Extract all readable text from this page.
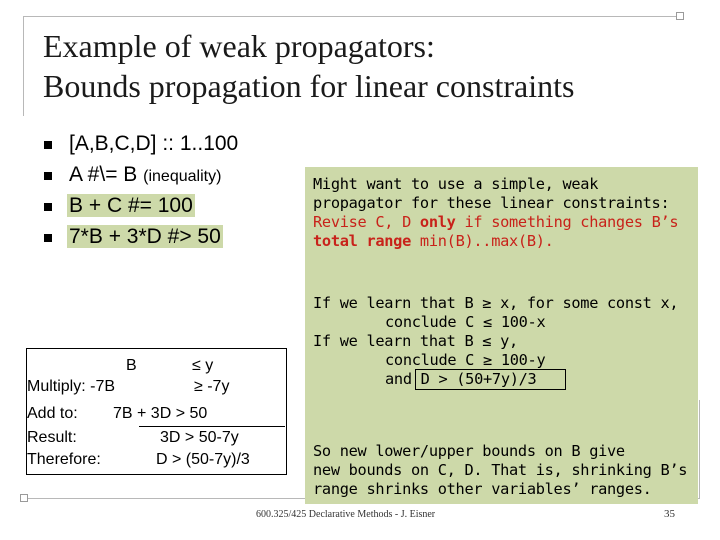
Example of weak propagators:
Bounds propagation for linear constraints
[A,B,C,D] :: 1..100
A #\= B (inequality)
B + C #= 100
7*B + 3*D #> 50
Might want to use a simple, weak
propagator for these linear constraints:
Revise C, D only if something changes B’s
total range min(B)..max(B).
If we learn that B ≥ x, for some const x,
conclude C ≤ 100-x
If we learn that B ≤ y,
conclude C ≥ 100-y
and D > (50+7y)/3
So new lower/upper bounds on B give
new bounds on C, D. That is, shrinking B’s
range shrinks other variables’ ranges.
B	≤ y
Multiply: -7B	≥ -7y
Add to: 7B + 3D > 50
Result:	3D > 50-7y
Therefore:	D > (50-7y)/3
600.325/425 Declarative Methods - J. Eisner	35
